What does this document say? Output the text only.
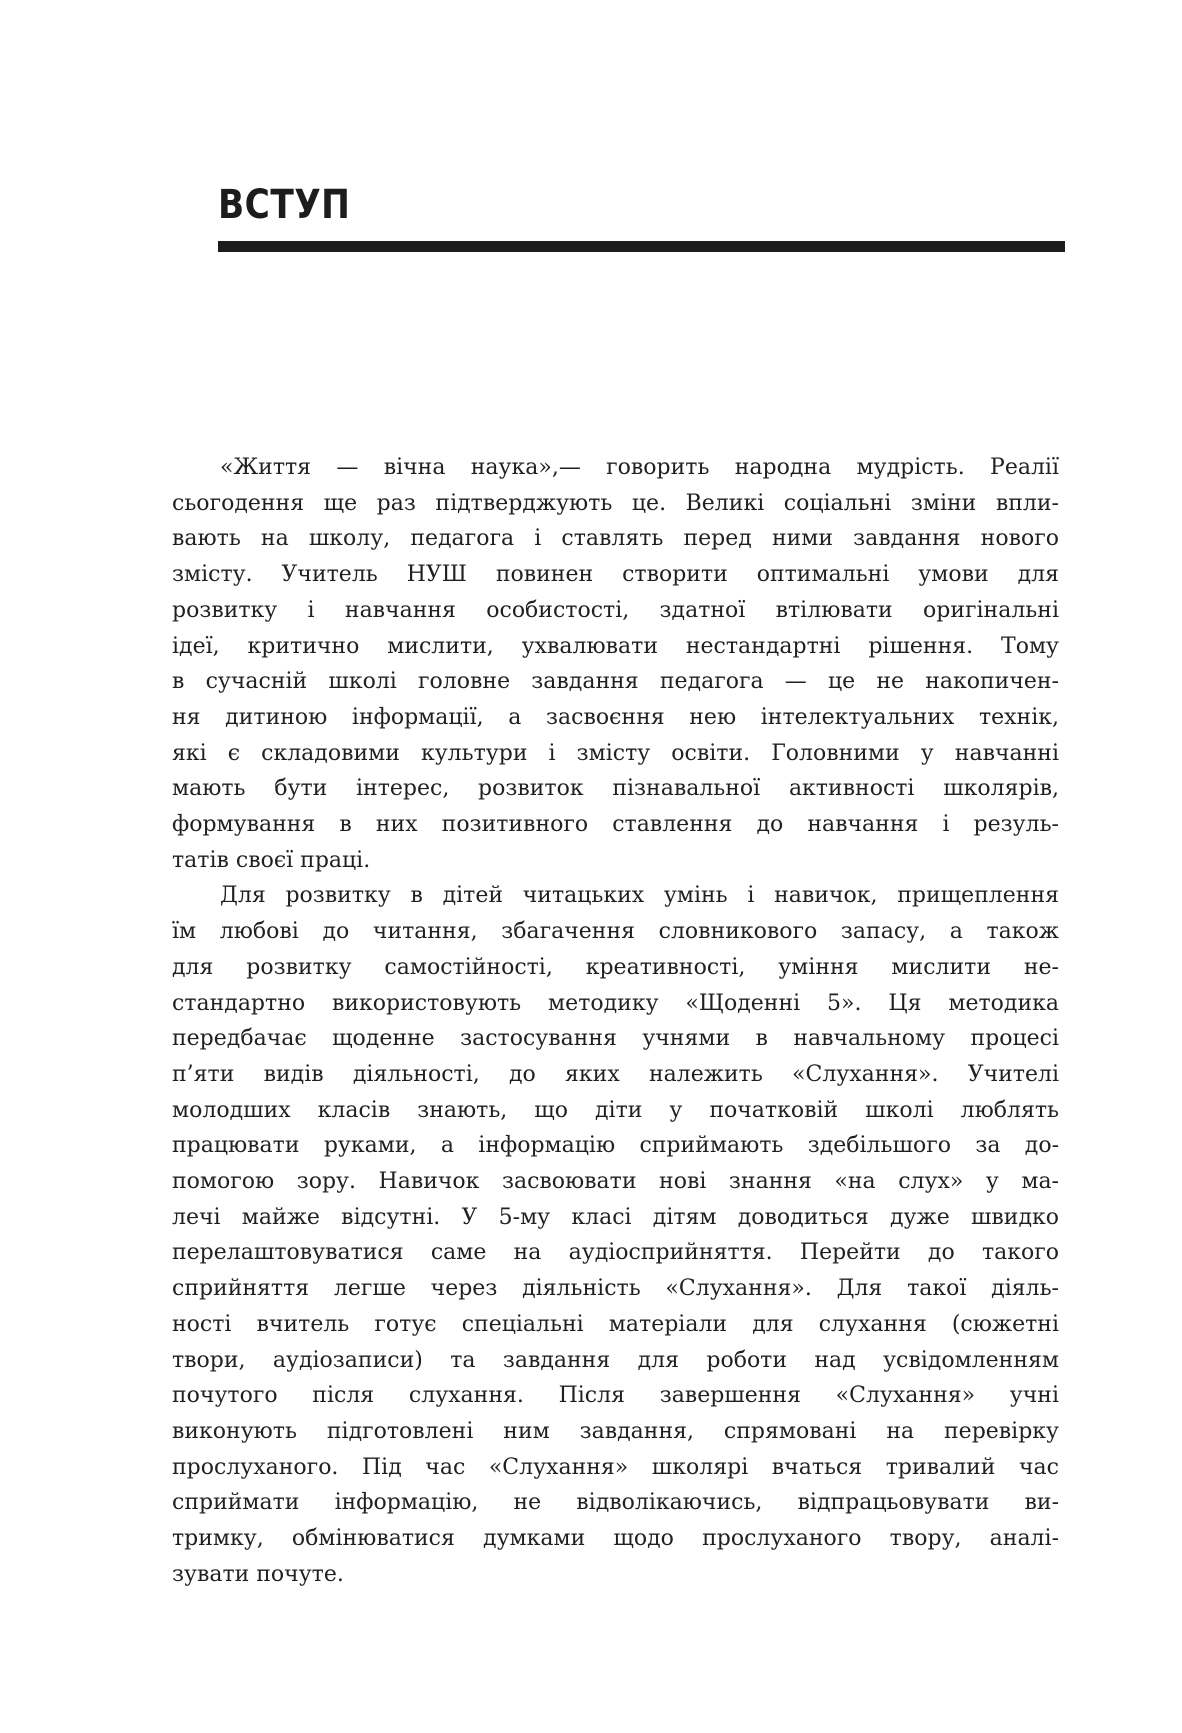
ВСТУП
«Життя — вічна наука»,— говорить народна мудрість. Реалії
сьогодення ще раз підтверджують це. Великі соціальні зміни впли-
вають на школу, педагога і ставлять перед ними завдання нового
змісту. Учитель НУШ повинен створити оптимальні умови для
розвитку і навчання особистості, здатної втілювати оригінальні
ідеї, критично мислити, ухвалювати нестандартні рішення. Тому
в сучасній школі головне завдання педагога — це не накопичен-
ня дитиною інформації, а засвоєння нею інтелектуальних технік,
які є складовими культури і змісту освіти. Головними у навчанні
мають бути інтерес, розвиток пізнавальної активності школярів,
формування в них позитивного ставлення до навчання і резуль-
татів своєї праці.
Для розвитку в дітей читацьких умінь і навичок, прищеплення
їм любові до читання, збагачення словникового запасу, а також
для розвитку самостійності, креативності, уміння мислити не-
стандартно використовують методику «Щоденні 5». Ця методика
передбачає щоденне застосування учнями в навчальному процесі
п’яти видів діяльності, до яких належить «Слухання». Учителі
молодших класів знають, що діти у початковій школі люблять
працювати руками, а інформацію сприймають здебільшого за до-
помогою зору. Навичок засвоювати нові знання «на слух» у ма-
лечі майже відсутні. У 5-му класі дітям доводиться дуже швидко
перелаштовуватися саме на аудіосприйняття. Перейти до такого
сприйняття легше через діяльність «Слухання». Для такої діяль-
ності вчитель готує спеціальні матеріали для слухання (сюжетні
твори, аудіозаписи) та завдання для роботи над усвідомленням
почутого після слухання. Після завершення «Слухання» учні
виконують підготовлені ним завдання, спрямовані на перевірку
прослуханого. Під час «Слухання» школярі вчаться тривалий час
сприймати інформацію, не відволікаючись, відпрацьовувати ви-
тримку, обмінюватися думками щодо прослуханого твору, аналі-
зувати почуте.
